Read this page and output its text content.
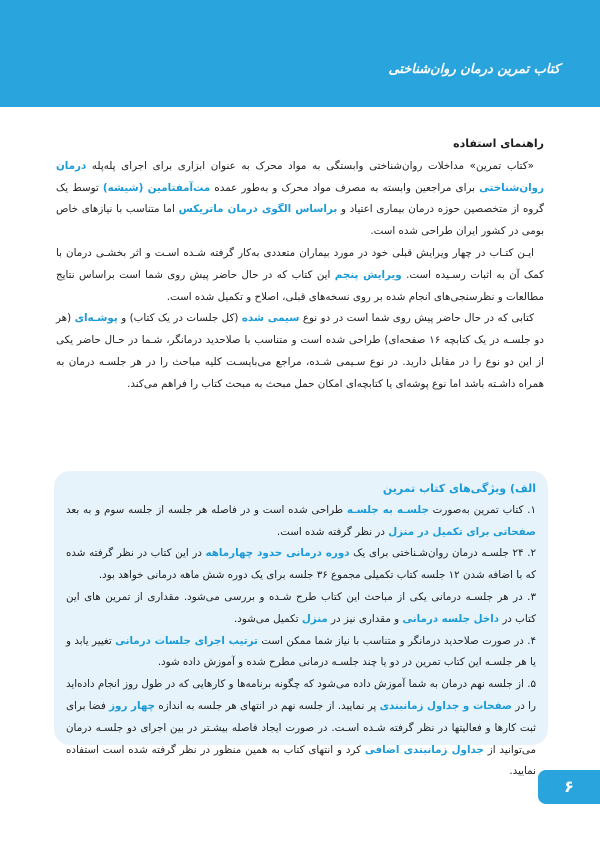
کتاب تمرین درمان روان‌شناختی

راهنمای استفاده

«کتاب تمرین» مداخلات روان‌شناختی وابستگی به مواد محرک به عنوان ابزاری برای اجرای پله‌پله درمان روان‌شناختی برای مراجعین وابسته به مصرف مواد محرک و به‌طور عمده مت‌آمفتامین (شیشه) توسط یک گروه از متخصصین حوزه درمان بیماری اعتیاد و براساس الگوی درمان ماتریکس اما متناسب با نیازهای خاص بومی در کشور ایران طراحی شده است.

ایـن کتـاب در چهار ویرایش قبلی خود در مورد بیماران متعددی به‌کار گرفته شـده اسـت و اثر بخشـی درمان با کمک آن به اثبات رسـیده است. ویرایش پنجم این کتاب که در حال حاضر پیش روی شما است براساس نتایج مطالعات و نظرسنجی‌های انجام شده بر روی نسخه‌های قبلی، اصلاح و تکمیل شده است.

کتابی که در حال حاضر پیش روی شما است در دو نوع سیمی شده (کل جلسات در یک کتاب) و پوشـه‌ای (هر دو جلسـه در یک کتابچه ۱۶ صفحه‌ای) طراحی شده است و متناسب با صلاحدید درمانگر، شـما در حـال حاضر یکی از این دو نوع را در مقابل دارید. در نوع سـیمی شـده، مراجع می‌بایسـت کلیه مباحث را در هر جلسـه درمان به همراه داشـته باشد اما نوع پوشه‌ای یا کتابچه‌ای امکان حمل مبحث به مبحث کتاب را فراهم می‌کند.

الف) ویژگی‌های کتاب تمرین

۱. کتاب تمرین به‌صورت جلسـه به جلسـه طراحی شده است و در فاصله هر جلسه از جلسه سوم و به بعد صفحاتی برای تکمیل در منزل در نظر گرفته شده است.

۲. ۲۴ جلسـه درمان روان‌شـناختی برای یک دوره درمانی حدود چهارماهه در این کتاب در نظر گرفته شده که با اضافه شدن ۱۲ جلسه کتاب تکمیلی مجموع ۳۶ جلسه برای یک دوره شش ماهه درمانی خواهد بود.

۳. در هر جلسـه درمانی یکی از مباحث این کتاب طرح شـده و بررسی می‌شود. مقداری از تمرین های این کتاب در داخل جلسه درمانی و مقداری نیز در منزل تکمیل می‌شود.

۴. در صورت صلاحدید درمانگر و متناسب با نیاز شما ممکن است ترتیب اجرای جلسات درمانی تغییر یابد و یا هر جلسـه این کتاب تمرین در دو یا چند جلسـه درمانی مطرح شده و آموزش داده شود.

۵. از جلسه نهم درمان به شما آموزش داده می‌شود که چگونه برنامه‌ها و کارهایی که در طول روز انجام داده‌اید را در صفحات و جداول زمانبندی پر نمایید. از جلسه نهم در انتهای هر جلسه به اندازه چهار روز فضا برای ثبت کارها و فعالیتها در نظر گرفته شـده اسـت. در صورت ایجاد فاصله بیشـتر در بین اجرای دو جلسـه درمان می‌توانید از جداول زمانبندی اضافی کرد و انتهای کتاب به همین منظور در نظر گرفته شده است استفاده نمایید.

۶
